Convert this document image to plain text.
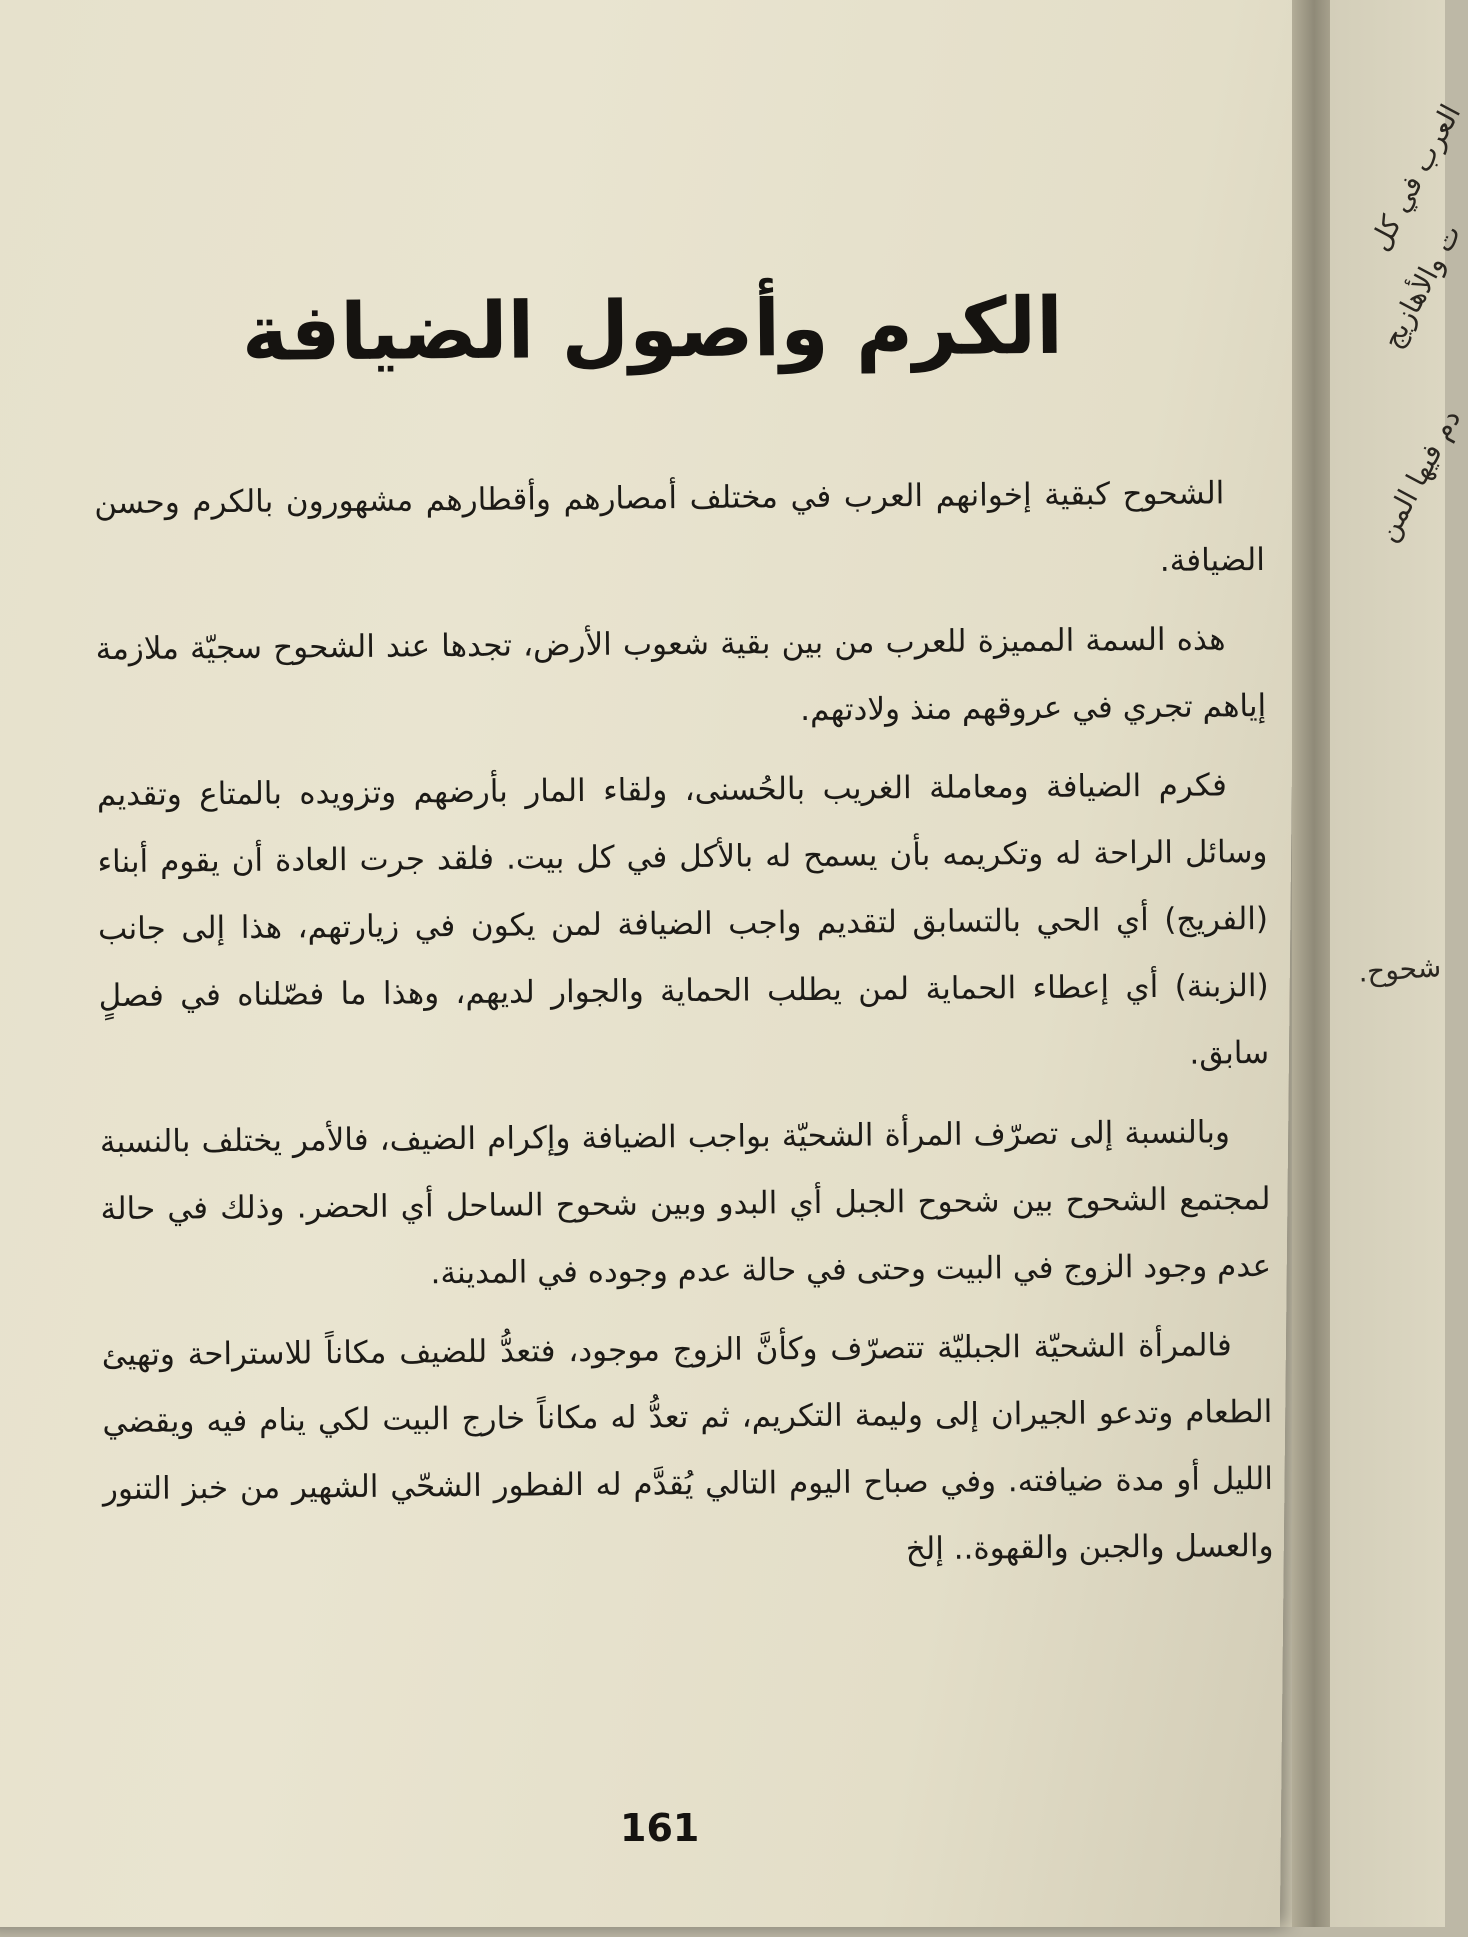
العرب في كل
ت والأهازيج
دم فيها المن
شحوح.
الكرم وأصول الضيافة

الشحوح كبقية إخوانهم العرب في مختلف أمصارهم وأقطارهم مشهورون بالكرم وحسن الضيافة.

هذه السمة المميزة للعرب من بين بقية شعوب الأرض، تجدها عند الشحوح سجيّة ملازمة إياهم تجري في عروقهم منذ ولادتهم.

فكرم الضيافة ومعاملة الغريب بالحُسنى، ولقاء المار بأرضهم وتزويده بالمتاع وتقديم وسائل الراحة له وتكريمه بأن يسمح له بالأكل في كل بيت. فلقد جرت العادة أن يقوم أبناء (الفريج) أي الحي بالتسابق لتقديم واجب الضيافة لمن يكون في زيارتهم، هذا إلى جانب (الزبنة) أي إعطاء الحماية لمن يطلب الحماية والجوار لديهم، وهذا ما فصّلناه في فصلٍ سابق.

وبالنسبة إلى تصرّف المرأة الشحيّة بواجب الضيافة وإكرام الضيف، فالأمر يختلف بالنسبة لمجتمع الشحوح بين شحوح الجبل أي البدو وبين شحوح الساحل أي الحضر. وذلك في حالة عدم وجود الزوج في البيت وحتى في حالة عدم وجوده في المدينة.

فالمرأة الشحيّة الجبليّة تتصرّف وكأنَّ الزوج موجود، فتعدُّ للضيف مكاناً للاستراحة وتهيئ الطعام وتدعو الجيران إلى وليمة التكريم، ثم تعدُّ له مكاناً خارج البيت لكي ينام فيه ويقضي الليل أو مدة ضيافته. وفي صباح اليوم التالي يُقدَّم له الفطور الشحّي الشهير من خبز التنور والعسل والجبن والقهوة.. إلخ

161
